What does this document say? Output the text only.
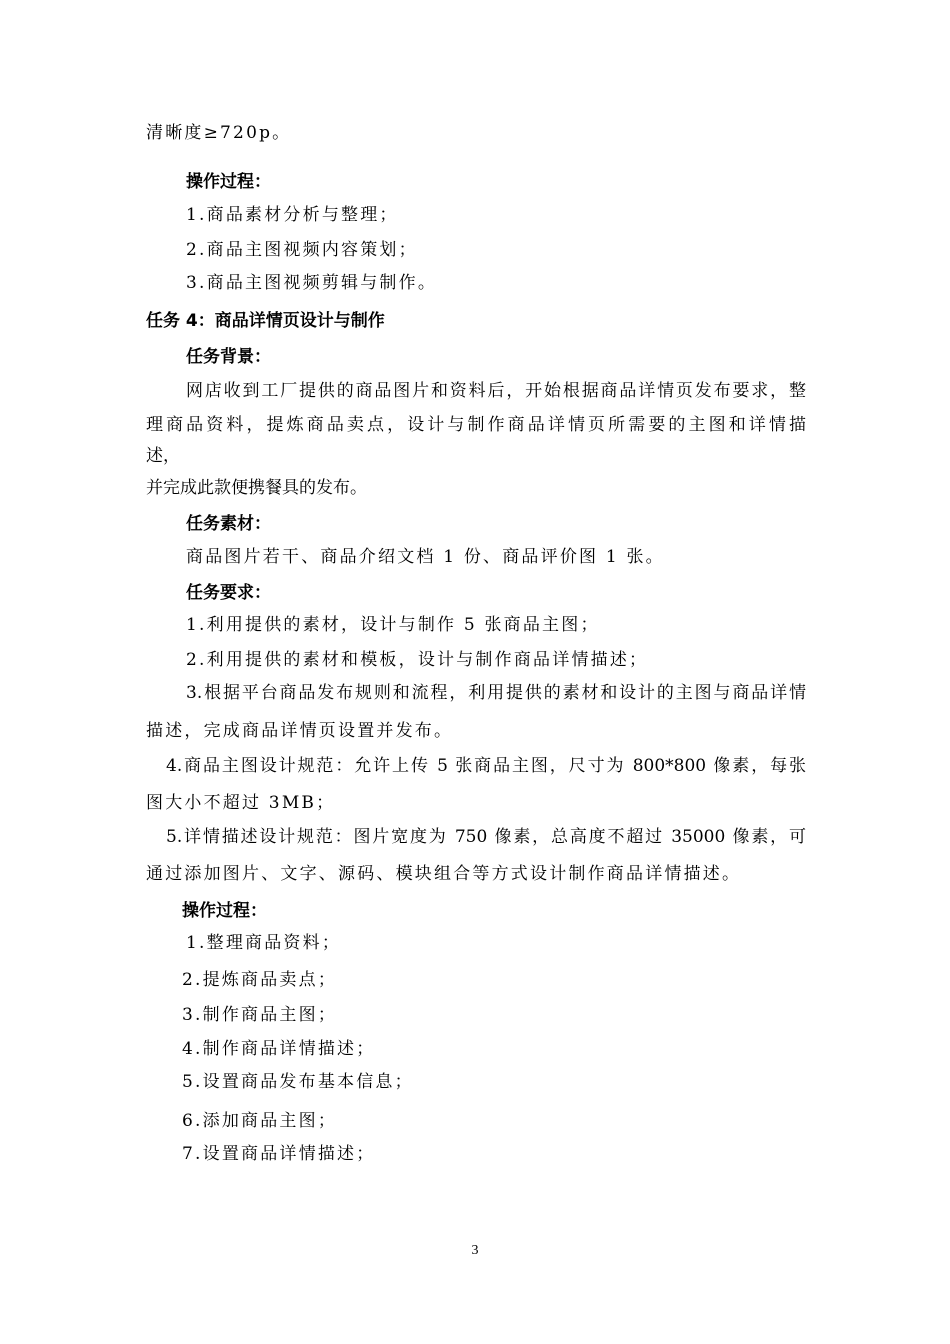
清晰度≥720p。
操作过程：
1.商品素材分析与整理；
2.商品主图视频内容策划；
3.商品主图视频剪辑与制作。
任务 4：商品详情页设计与制作
任务背景：
网店收到工厂提供的商品图片和资料后，开始根据商品详情页发布要求，整
理商品资料，提炼商品卖点，设计与制作商品详情页所需要的主图和详情描
述，
并完成此款便携餐具的发布。
任务素材：
商品图片若干、商品介绍文档 1 份、商品评价图 1 张。
任务要求：
1.利用提供的素材，设计与制作 5 张商品主图；
2.利用提供的素材和模板，设计与制作商品详情描述；
3.根据平台商品发布规则和流程，利用提供的素材和设计的主图与商品详情
描述，完成商品详情页设置并发布。
4.商品主图设计规范：允许上传 5 张商品主图，尺寸为 800*800 像素，每张
图大小不超过 3MB；
5.详情描述设计规范：图片宽度为 750 像素，总高度不超过 35000 像素，可
通过添加图片、文字、源码、模块组合等方式设计制作商品详情描述。
操作过程：
1.整理商品资料；
2.提炼商品卖点；
3.制作商品主图；
4.制作商品详情描述；
5.设置商品发布基本信息；
6.添加商品主图；
7.设置商品详情描述；
3
